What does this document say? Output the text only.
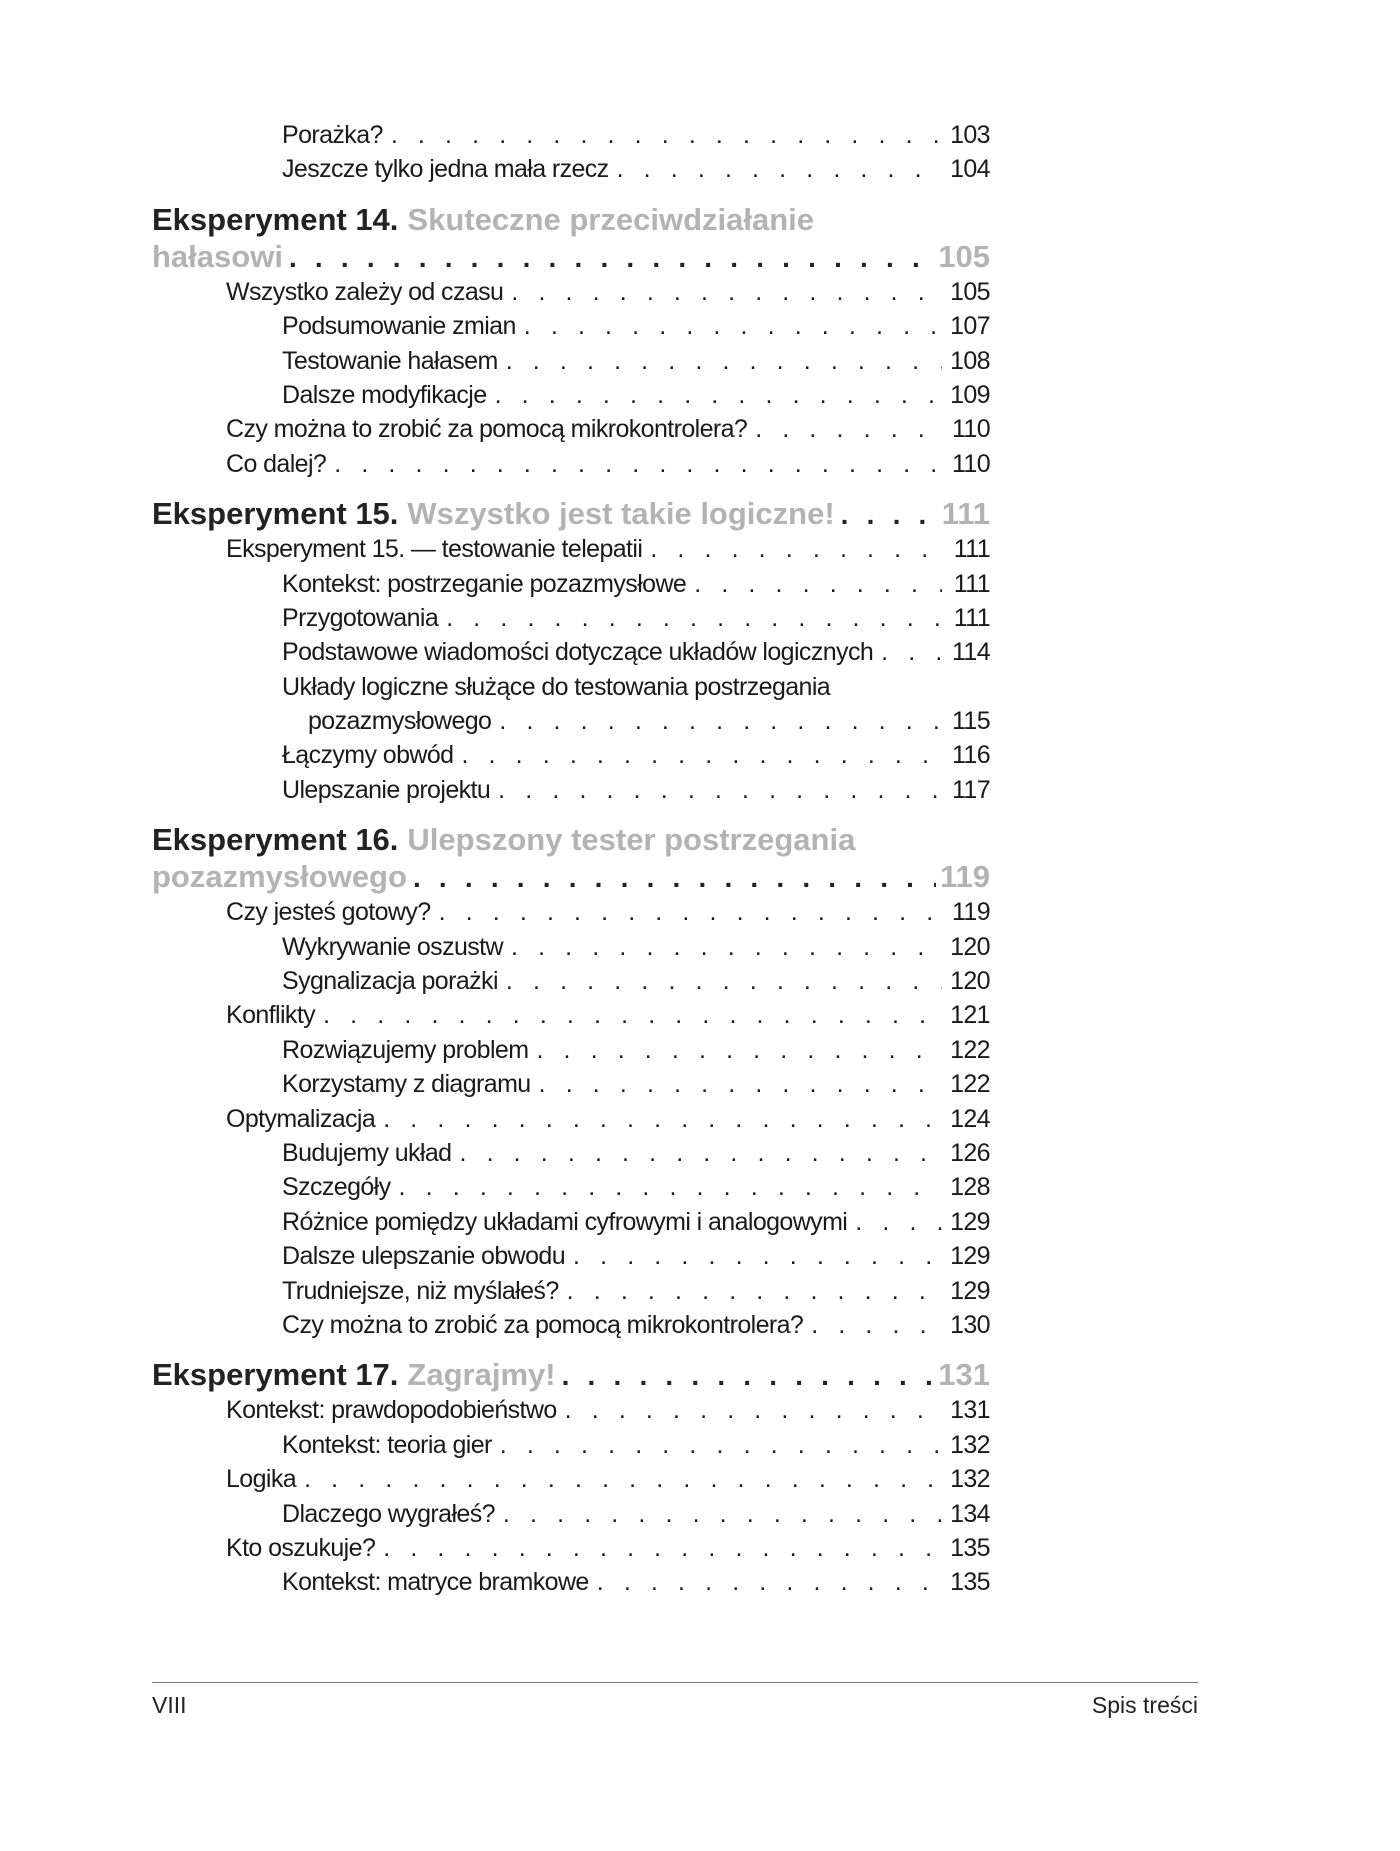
Porażka? . . .	103
Jeszcze tylko jedna mała rzecz . . .	104
Eksperyment 14. Skuteczne przeciwdziałanie
hałasowi . . .	105
Wszystko zależy od czasu . . .	105
Podsumowanie zmian . . .	107
Testowanie hałasem . . .	108
Dalsze modyfikacje . . .	109
Czy można to zrobić za pomocą mikrokontrolera? . . .	110
Co dalej? . . .	110
Eksperyment 15. Wszystko jest takie logiczne! . . .	111
Eksperyment 15. — testowanie telepatii . . .	111
Kontekst: postrzeganie pozazmysłowe . . .	111
Przygotowania . . .	111
Podstawowe wiadomości dotyczące układów logicznych . . .	114
Układy logiczne służące do testowania postrzegania
pozazmysłowego . . .	115
Łączymy obwód . . .	116
Ulepszanie projektu . . .	117
Eksperyment 16. Ulepszony tester postrzegania
pozazmysłowego . . .	119
Czy jesteś gotowy? . . .	119
Wykrywanie oszustw . . .	120
Sygnalizacja porażki . . .	120
Konflikty . . .	121
Rozwiązujemy problem . . .	122
Korzystamy z diagramu . . .	122
Optymalizacja . . .	124
Budujemy układ . . .	126
Szczegóły . . .	128
Różnice pomiędzy układami cyfrowymi i analogowymi . . .	129
Dalsze ulepszanie obwodu . . .	129
Trudniejsze, niż myślałeś? . . .	129
Czy można to zrobić za pomocą mikrokontrolera? . . .	130
Eksperyment 17. Zagrajmy! . . .	131
Kontekst: prawdopodobieństwo . . .	131
Kontekst: teoria gier . . .	132
Logika . . .	132
Dlaczego wygrałeś? . . .	134
Kto oszukuje? . . .	135
Kontekst: matryce bramkowe . . .	135
VIII	Spis treści
